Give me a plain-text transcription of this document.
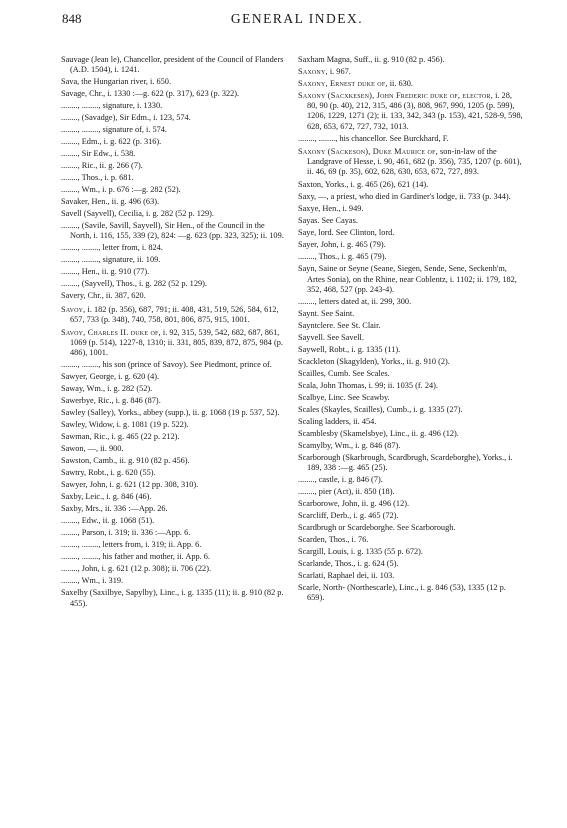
848	GENERAL INDEX.

Sauvage (Jean le), Chancellor, president of the Council of Flanders (A.D. 1504), i. 1241.

Sava, the Hungarian river, i. 650.

Savage, Chr., i. 1330 :—g. 622 (p. 317), 623 (p. 322).

........, ........, signature, i. 1330.

........, (Savadge), Sir Edm., i. 123, 574.

........, ........, signature of, i. 574.

........, Edm., i. g. 622 (p. 316).

........, Sir Edw., i. 538.

........, Ric., ii. g. 266 (7).

........, Thos., i. p. 681.

........, Wm., i. p. 676 :—g. 282 (52).

Savaker, Hen., ii. g. 496 (63).

Savell (Sayvell), Cecilia, i. g. 282 (52 p. 129).

........, (Savile, Savill, Sayvell), Sir Hen., of the Council in the North, i. 116, 155, 339 (2), 824: —g. 623 (pp. 323, 325); ii. 109.

........, ........, letter from, i. 824.

........, ........, signature, ii. 109.

........, Hen., ii. g. 910 (77).

........, (Sayvell), Thos., i. g. 282 (52 p. 129).

Savery, Chr., ii. 387, 620.

Savoy, i. 182 (p. 356), 687, 791; ii. 408, 431, 519, 526, 584, 612, 657, 733 (p. 348), 740, 758, 801, 806, 875, 915, 1001.

Savoy, Charles II. duke of, i. 92, 315, 539, 542, 682, 687, 861, 1069 (p. 514), 1227-8, 1310; ii. 331, 805, 839, 872, 875, 984 (p. 486), 1001.

........, ........, his son (prince of Savoy). See Piedmont, prince of.

Sawyer, George, i. g. 620 (4).

Saway, Wm., i. g. 282 (52).

Sawerbye, Ric., i. g. 846 (87).

Sawley (Salley), Yorks., abbey (supp.), ii. g. 1068 (19 p. 537, 52).

Sawley, Widow, i. g. 1081 (19 p. 522).

Sawman, Ric., i. g. 465 (22 p. 212).

Sawon, —, ii. 900.

Sawston, Camb., ii. g. 910 (82 p. 456).

Sawtry, Robt., i. g. 620 (55).

Sawyer, John, i. g. 621 (12 pp. 308, 310).

Saxby, Leic., i. g. 846 (46).

Saxby, Mrs., ii. 336 :—App. 26.

........, Edw., ii. g. 1068 (51).

........, Parson, i. 319; ii. 336 :—App. 6.

........, ........, letters from, i. 319; ii. App. 6.

........, ........, his father and mother, ii. App. 6.

........, John, i. g. 621 (12 p. 308); ii. 706 (22).

........, Wm., i. 319.

Saxelby (Saxilbye, Sapylby), Linc., i. g. 1335 (11); ii. g. 910 (82 p. 455).

Saxham Magna, Suff., ii. g. 910 (82 p. 456).

Saxony, i. 967.

Saxony, Ernest duke of, ii. 630.

Saxony (Sacxkesen), John Frederic duke of, elector, i. 28, 80, 90 (p. 40), 212, 315, 486 (3), 808, 967, 990, 1205 (p. 599), 1206, 1229, 1271 (2); ii. 133, 342, 343 (p. 153), 421, 528-9, 598, 628, 653, 672, 727, 732, 1013.

........, ........, his chancellor. See Burckhard, F.

Saxony (Sackeson), Duke Maurice of, son-in-law of the Landgrave of Hesse, i. 90, 461, 682 (p. 356), 735, 1207 (p. 601), ii. 46, 69 (p. 35), 602, 628, 630, 653, 672, 727, 893.

Saxton, Yorks., i. g. 465 (26), 621 (14).

Saxy, —, a priest, who died in Gardiner's lodge, ii. 733 (p. 344).

Saxye, Hen., i. 949.

Sayas. See Cayas.

Saye, lord. See Clinton, lord.

Sayer, John, i. g. 465 (79).

........, Thos., i. g. 465 (79).

Sayn, Saine or Seyne (Seane, Siegen, Sende, Sene, Seckenh'm, Artes Sonia), on the Rhine, near Coblentz, i. 1102; ii. 179, 182, 352, 468, 527 (pp. 243-4).

........, letters dated at, ii. 299, 300.

Saynt. See Saint.

Sayntclere. See St. Clair.

Sayvell. See Savell.

Saywell, Robt., i. g. 1335 (11).

Scackleton (Skagylden), Yorks., ii. g. 910 (2).

Scailles, Cumb. See Scales.

Scala, John Thomas, i. 99; ii. 1035 (f. 24).

Scalbye, Linc. See Scawby.

Scales (Skayles, Scailles), Cumb., i. g. 1335 (27).

Scaling ladders, ii. 454.

Scamblesby (Skamelsbye), Linc., ii. g. 496 (12).

Scamylby, Wm., i. g. 846 (87).

Scarborough (Skarbrough, Scardbrugh, Scardeborghe), Yorks., i. 189, 338 :—g. 465 (25).

........, castle, i. g. 846 (7).

........, pier (Act), ii. 850 (18).

Scarborowe, John, ii. g. 496 (12).

Scarcliff, Derb., i. g. 465 (72).

Scardbrugh or Scardeborghe. See Scarborough.

Scarden, Thos., i. 76.

Scargill, Louis, i. g. 1335 (55 p. 672).

Scarlande, Thos., i. g. 624 (5).

Scarlati, Raphael dei, ii. 103.

Scarle, North- (Northescarle), Linc., i. g. 846 (53), 1335 (12 p. 659).
